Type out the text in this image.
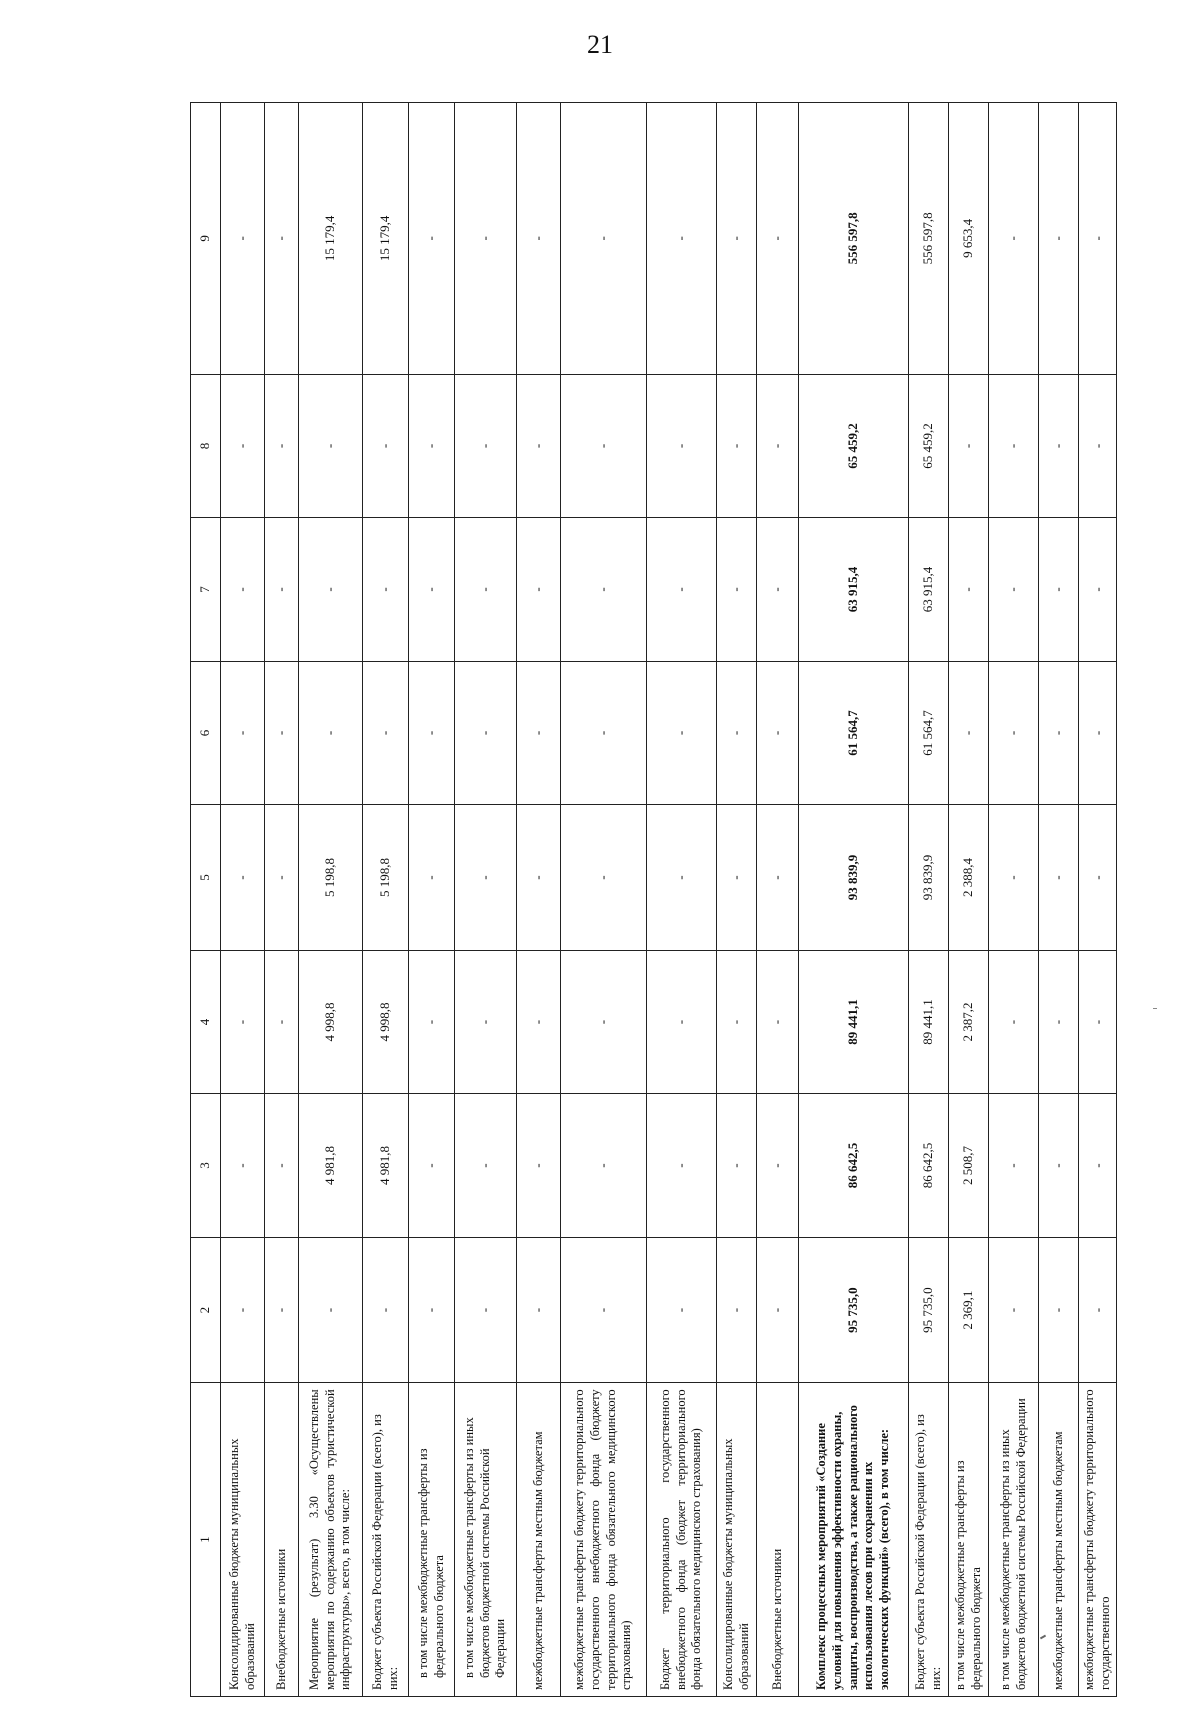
21
1	2	3	4	5	6	7	8	9
Консолидированные бюджеты муниципальных образований	-	-	-	-	-	-	-	-
Внебюджетные источники	-	-	-	-	-	-	-	-
Мероприятие (результат) 3.30 «Осуществлены мероприятия по содержанию объектов туристической инфраструктуры», всего, в том числе:	-	4 981,8	4 998,8	5 198,8	-	-	-	15 179,4
Бюджет субъекта Российской Федерации (всего), из них:	-	4 981,8	4 998,8	5 198,8	-	-	-	15 179,4
в том числе межбюджетные трансферты из федерального бюджета	-	-	-	-	-	-	-	-
в том числе межбюджетные трансферты из иных бюджетов бюджетной системы Российской Федерации	-	-	-	-	-	-	-	-
межбюджетные трансферты местным бюджетам	-	-	-	-	-	-	-	-
межбюджетные трансферты бюджету территориального государственного внебюджетного фонда (бюджету территориального фонда обязательного медицинского страхования)	-	-	-	-	-	-	-	-
Бюджет территориального государственного внебюджетного фонда (бюджет территориального фонда обязательного медицинского страхования)	-	-	-	-	-	-	-	-
Консолидированные бюджеты муниципальных образований	-	-	-	-	-	-	-	-
Внебюджетные источники	-	-	-	-	-	-	-	-
Комплекс процессных мероприятий «Создание условий для повышения эффективности охраны, защиты, воспроизводства, а также рационального использования лесов при сохранении их экологических функций» (всего), в том числе:	95 735,0	86 642,5	89 441,1	93 839,9	61 564,7	63 915,4	65 459,2	556 597,8
Бюджет субъекта Российской Федерации (всего), из них:	95 735,0	86 642,5	89 441,1	93 839,9	61 564,7	63 915,4	65 459,2	556 597,8
в том числе межбюджетные трансферты из федерального бюджета	2 369,1	2 508,7	2 387,2	2 388,4	-	-	-	9 653,4
в том числе межбюджетные трансферты из иных бюджетов бюджетной системы Российской Федерации	-	-	-	-	-	-	-	-
межбюджетные трансферты местным бюджетам	-	-	-	-	-	-	-	-
межбюджетные трансферты бюджету территориального государственного	-	-	-	-	-	-	-	-
